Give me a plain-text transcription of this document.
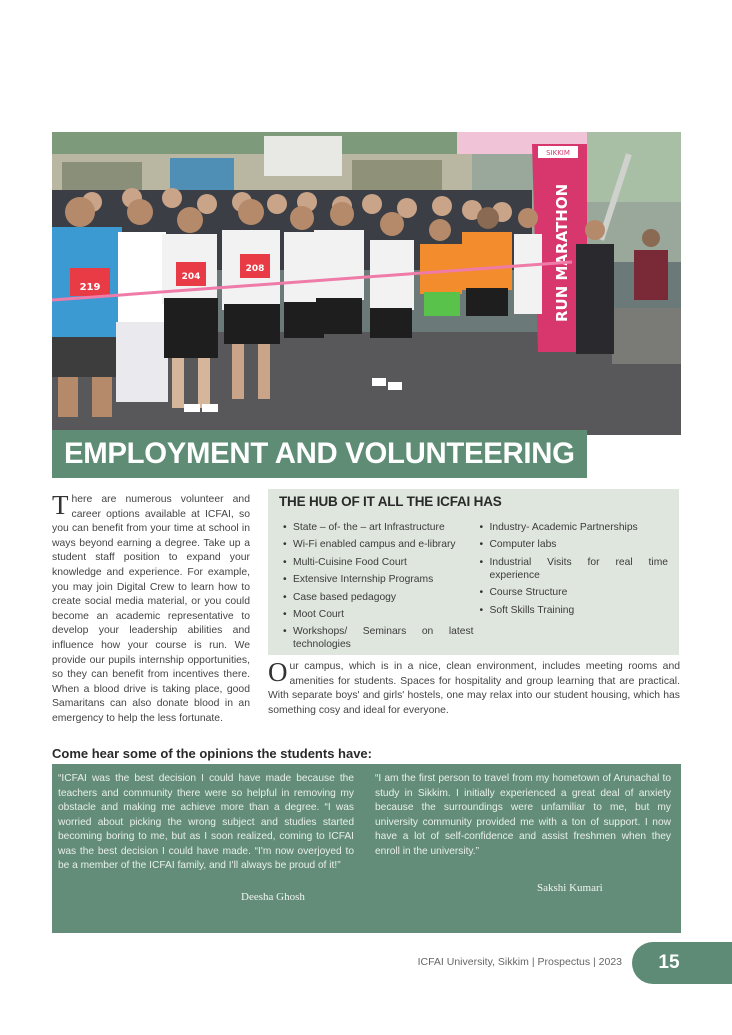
SIKKIM
RUN MARATHON
219
204
208
EMPLOYMENT AND VOLUNTEERING
There are numerous volunteer and career options available at ICFAI, so you can benefit from your time at school in ways beyond earning a degree. Take up a student staff position to expand your knowledge and experience. For example, you may join Digital Crew to learn how to create social media material, or you could become an academic representative to develop your leadership abilities and influence how your course is run. We provide our pupils internship opportunities, so they can benefit from incentives there. When a blood drive is taking place, good Samaritans can also donate blood in an emergency to help the less fortunate.
THE HUB OF IT ALL THE ICFAI HAS
• State – of- the – art Infrastructure
• Wi-Fi enabled campus and e-library
• Multi-Cuisine Food Court
• Extensive Internship Programs
• Case based pedagogy
• Moot Court
• Workshops/ Seminars on latest technologies
• Industry- Academic Partnerships
• Computer labs
• Industrial Visits for real time experience
• Course Structure
• Soft Skills Training
Our campus, which is in a nice, clean environment, includes meeting rooms and amenities for students. Spaces for hospitality and group learning that are practical. With separate boys' and girls' hostels, one may relax into our student housing, which has something cosy and ideal for everyone.
Come hear some of the opinions the students have:
“ICFAI was the best decision I could have made because the teachers and community there were so helpful in removing my obstacle and making me achieve more than a degree. “I was worried about picking the wrong subject and studies started becoming boring to me, but as I soon realized, coming to ICFAI was the best decision I could have made. “I'm now overjoyed to be a member of the ICFAI family, and I'll always be proud of it!”
Deesha Ghosh
“I am the first person to travel from my hometown of Arunachal to study in Sikkim. I initially experienced a great deal of anxiety because the surroundings were unfamiliar to me, but my university community provided me with a ton of support. I now have a lot of self-confidence and assist freshmen when they enroll in the university.”
Sakshi Kumari
ICFAI University, Sikkim | Prospectus | 2023	15
